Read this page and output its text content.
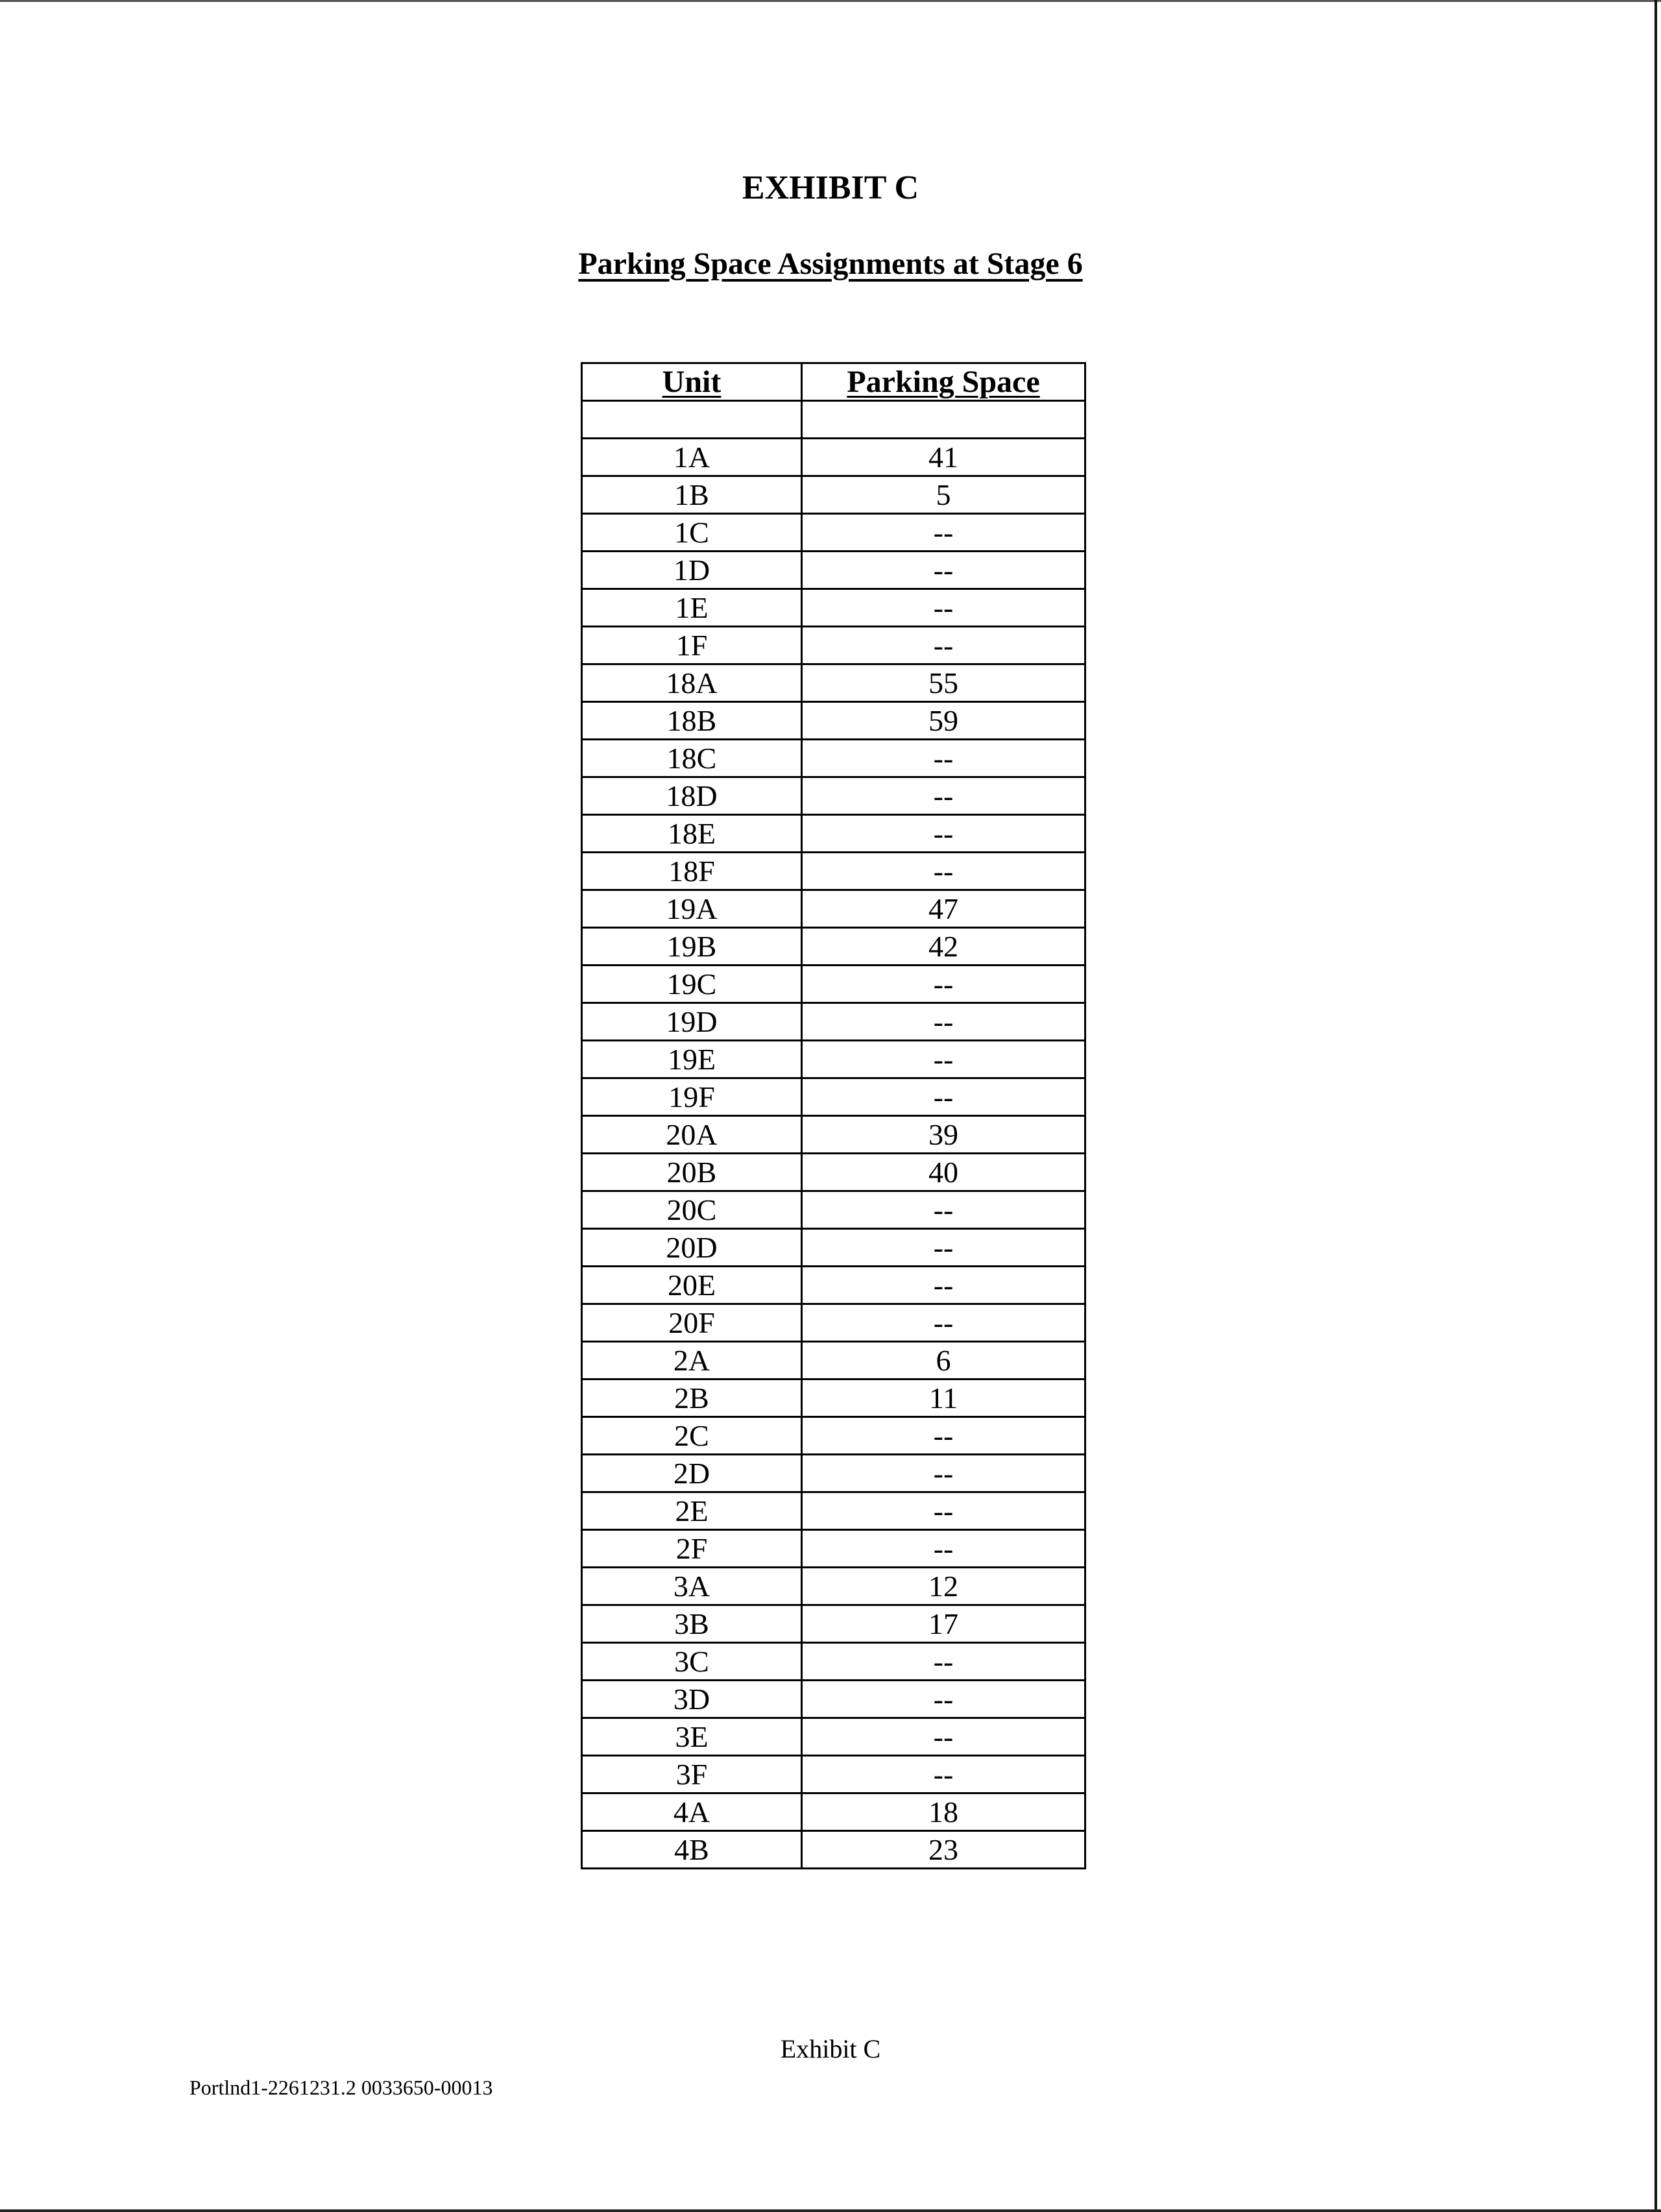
EXHIBIT C
Parking Space Assignments at Stage 6
Unit	Parking Space

1A	41
1B	5
1C	--
1D	--
1E	--
1F	--
18A	55
18B	59
18C	--
18D	--
18E	--
18F	--
19A	47
19B	42
19C	--
19D	--
19E	--
19F	--
20A	39
20B	40
20C	--
20D	--
20E	--
20F	--
2A	6
2B	11
2C	--
2D	--
2E	--
2F	--
3A	12
3B	17
3C	--
3D	--
3E	--
3F	--
4A	18
4B	23
Exhibit C
Portlnd1-2261231.2 0033650-00013
